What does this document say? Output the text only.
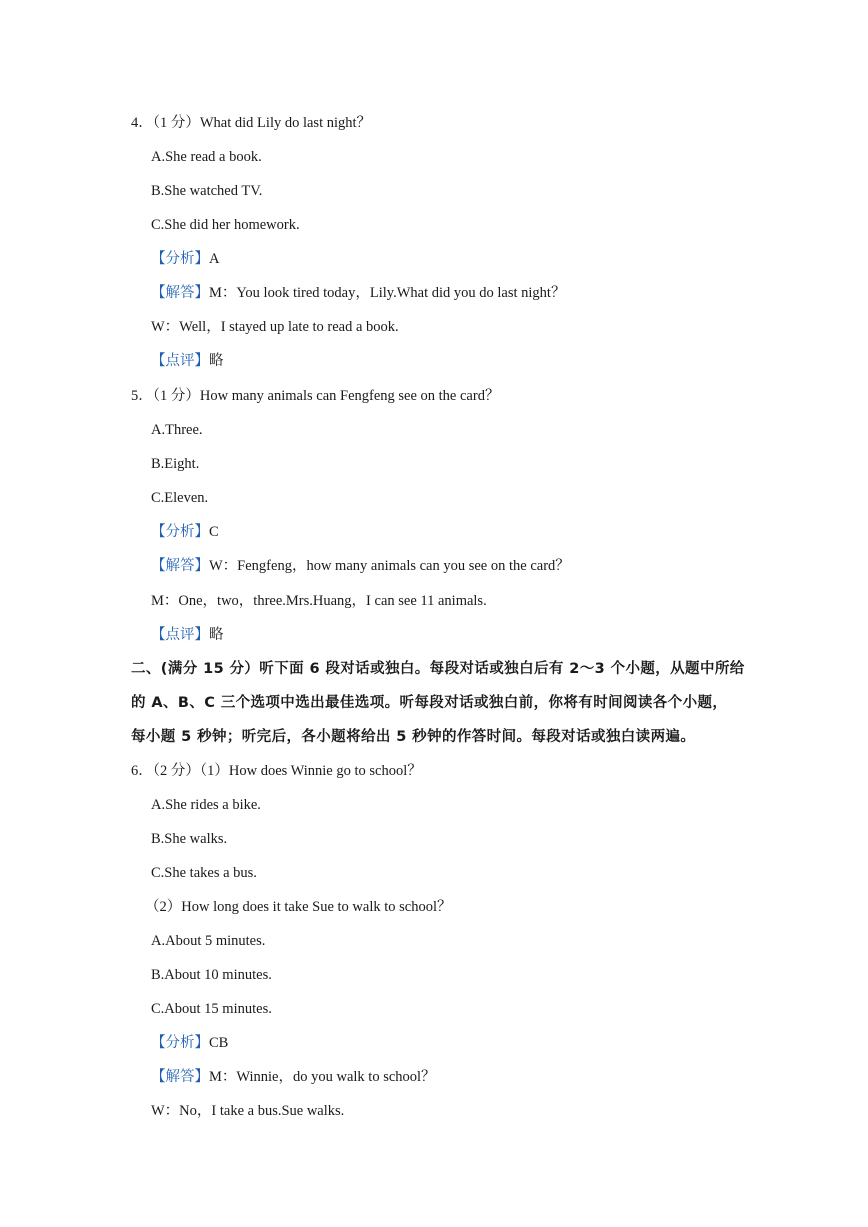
4．（1 分）What did Lily do last night？
A.She read a book.
B.She watched TV.
C.She did her homework.
【分析】A
【解答】M：You look tired today，Lily.What did you do last night？
W：Well，I stayed up late to read a book.
【点评】略
5．（1 分）How many animals can Fengfeng see on the card？
A.Three.
B.Eight.
C.Eleven.
【分析】C
【解答】W：Fengfeng，how many animals can you see on the card？
M：One，two，three.Mrs.Huang，I can see 11 animals.
【点评】略
二、(满分 15 分）听下面 6 段对话或独白。每段对话或独白后有 2～3 个小题，从题中所给
的 A、B、C 三个选项中选出最佳选项。听每段对话或独白前，你将有时间阅读各个小题，
每小题 5 秒钟；听完后，各小题将给出 5 秒钟的作答时间。每段对话或独白读两遍。
6．（2 分）（1）How does Winnie go to school？
A.She rides a bike.
B.She walks.
C.She takes a bus.
（2）How long does it take Sue to walk to school？
A.About 5 minutes.
B.About 10 minutes.
C.About 15 minutes.
【分析】CB
【解答】M：Winnie，do you walk to school？
W：No，I take a bus.Sue walks.
